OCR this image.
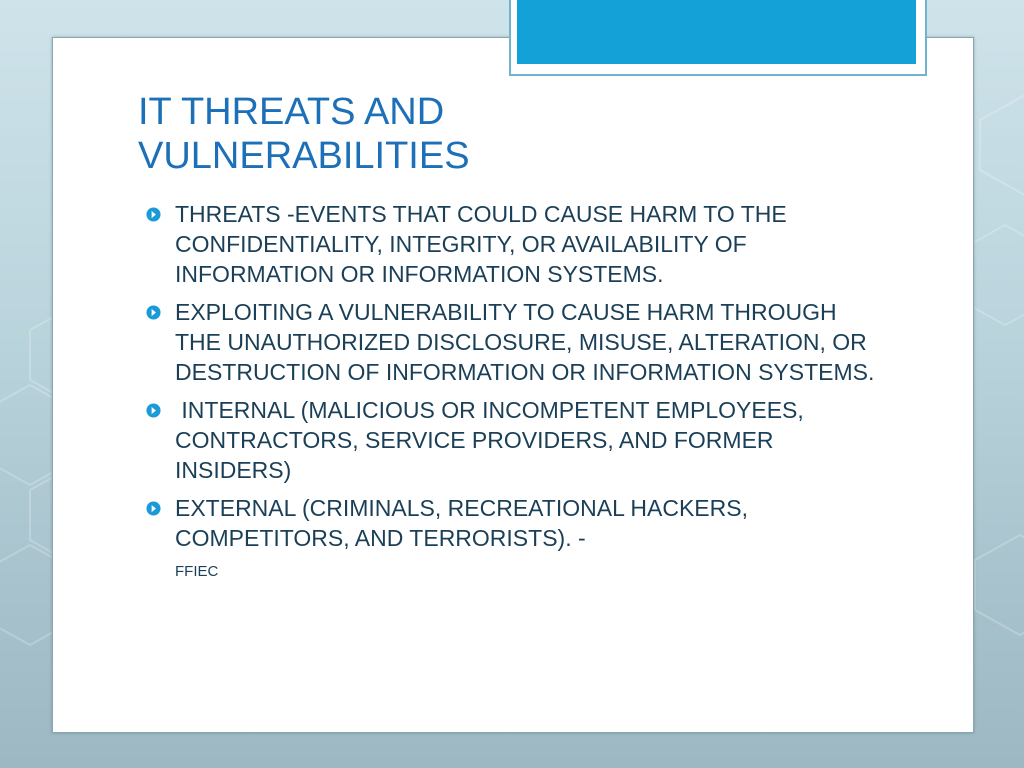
IT THREATS AND
VULNERABILITIES
THREATS -EVENTS THAT COULD CAUSE HARM TO THE CONFIDENTIALITY, INTEGRITY, OR AVAILABILITY OF INFORMATION OR INFORMATION SYSTEMS.
EXPLOITING A VULNERABILITY TO CAUSE HARM THROUGH THE UNAUTHORIZED DISCLOSURE, MISUSE, ALTERATION, OR DESTRUCTION OF INFORMATION OR INFORMATION SYSTEMS.
INTERNAL (MALICIOUS OR INCOMPETENT EMPLOYEES, CONTRACTORS, SERVICE PROVIDERS, AND FORMER INSIDERS)
EXTERNAL (CRIMINALS, RECREATIONAL HACKERS, COMPETITORS, AND TERRORISTS). -
FFIEC
